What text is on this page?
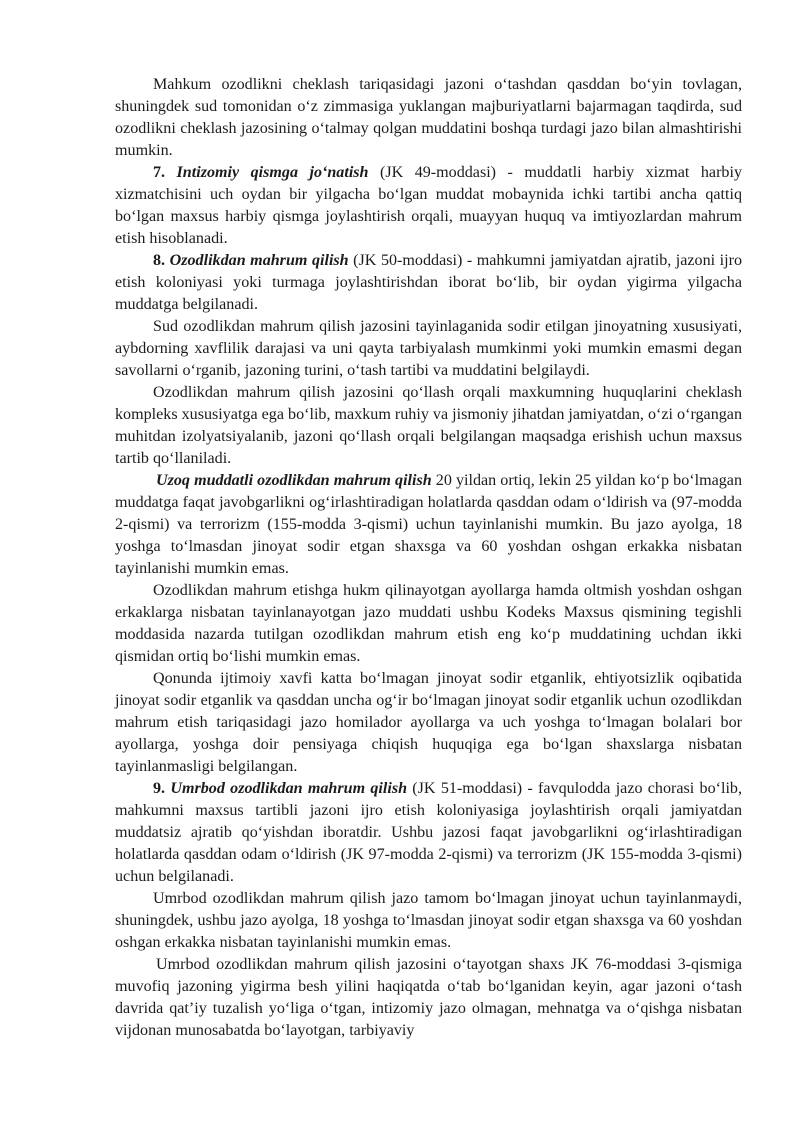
Mahkum ozodlikni cheklash tariqasidagi jazoni o‘tashdan qasddan bo‘yin tovlagan, shuningdek sud tomonidan o‘z zimmasiga yuklangan majburiyatlarni bajarmagan taqdirda, sud ozodlikni cheklash jazosining o‘talmay qolgan muddatini boshqa turdagi jazo bilan almashtirishi mumkin.

7. Intizomiy qismga jo‘natish (JK 49-moddasi) - muddatli harbiy xizmat harbiy xizmatchisini uch oydan bir yilgacha bo‘lgan muddat mobaynida ichki tartibi ancha qattiq bo‘lgan maxsus harbiy qismga joylashtirish orqali, muayyan huquq va imtiyozlardan mahrum etish hisoblanadi.

8. Ozodlikdan mahrum qilish (JK 50-moddasi) - mahkumni jamiyatdan ajratib, jazoni ijro etish koloniyasi yoki turmaga joylashtirishdan iborat bo‘lib, bir oydan yigirma yilgacha muddatga belgilanadi.

Sud ozodlikdan mahrum qilish jazosini tayinlaganida sodir etilgan jinoyatning xususiyati, aybdorning xavflilik darajasi va uni qayta tarbiyalash mumkinmi yoki mumkin emasmi degan savollarni o‘rganib, jazoning turini, o‘tash tartibi va muddatini belgilaydi.

Ozodlikdan mahrum qilish jazosini qo‘llash orqali maxkumning huquqlarini cheklash kompleks xususiyatga ega bo‘lib, maxkum ruhiy va jismoniy jihatdan jamiyatdan, o‘zi o‘rgangan muhitdan izolyatsiyalanib, jazoni qo‘llash orqali belgilangan maqsadga erishish uchun maxsus tartib qo‘llaniladi.

Uzoq muddatli ozodlikdan mahrum qilish 20 yildan ortiq, lekin 25 yildan ko‘p bo‘lmagan muddatga faqat javobgarlikni og‘irlashtiradigan holatlarda qasddan odam o‘ldirish va (97-modda 2-qismi) va terrorizm (155-modda 3-qismi) uchun tayinlanishi mumkin. Bu jazo ayolga, 18 yoshga to‘lmasdan jinoyat sodir etgan shaxsga va 60 yoshdan oshgan erkakka nisbatan tayinlanishi mumkin emas.

Ozodlikdan mahrum etishga hukm qilinayotgan ayollarga hamda oltmish yoshdan oshgan erkaklarga nisbatan tayinlanayotgan jazo muddati ushbu Kodeks Maxsus qismining tegishli moddasida nazarda tutilgan ozodlikdan mahrum etish eng ko‘p muddatining uchdan ikki qismidan ortiq bo‘lishi mumkin emas.

Qonunda ijtimoiy xavfi katta bo‘lmagan jinoyat sodir etganlik, ehtiyotsizlik oqibatida jinoyat sodir etganlik va qasddan uncha og‘ir bo‘lmagan jinoyat sodir etganlik uchun ozodlikdan mahrum etish tariqasidagi jazo homilador ayollarga va uch yoshga to‘lmagan bolalari bor ayollarga, yoshga doir pensiyaga chiqish huquqiga ega bo‘lgan shaxslarga nisbatan tayinlanmasligi belgilangan.

9. Umrbod ozodlikdan mahrum qilish (JK 51-moddasi) - favqulodda jazo chorasi bo‘lib, mahkumni maxsus tartibli jazoni ijro etish koloniyasiga joylashtirish orqali jamiyatdan muddatsiz ajratib qo‘yishdan iboratdir. Ushbu jazosi faqat javobgarlikni og‘irlashtiradigan holatlarda qasddan odam o‘ldirish (JK 97-modda 2-qismi) va terrorizm (JK 155-modda 3-qismi) uchun belgilanadi.

Umrbod ozodlikdan mahrum qilish jazo tamom bo‘lmagan jinoyat uchun tayinlanmaydi, shuningdek, ushbu jazo ayolga, 18 yoshga to‘lmasdan jinoyat sodir etgan shaxsga va 60 yoshdan oshgan erkakka nisbatan tayinlanishi mumkin emas.

Umrbod ozodlikdan mahrum qilish jazosini o‘tayotgan shaxs JK 76-moddasi 3-qismiga muvofiq jazoning yigirma besh yilini haqiqatda o‘tab bo‘lganidan keyin, agar jazoni o‘tash davrida qat’iy tuzalish yo‘liga o‘tgan, intizomiy jazo olmagan, mehnatga va o‘qishga nisbatan vijdonan munosabatda bo‘layotgan, tarbiyaviy
